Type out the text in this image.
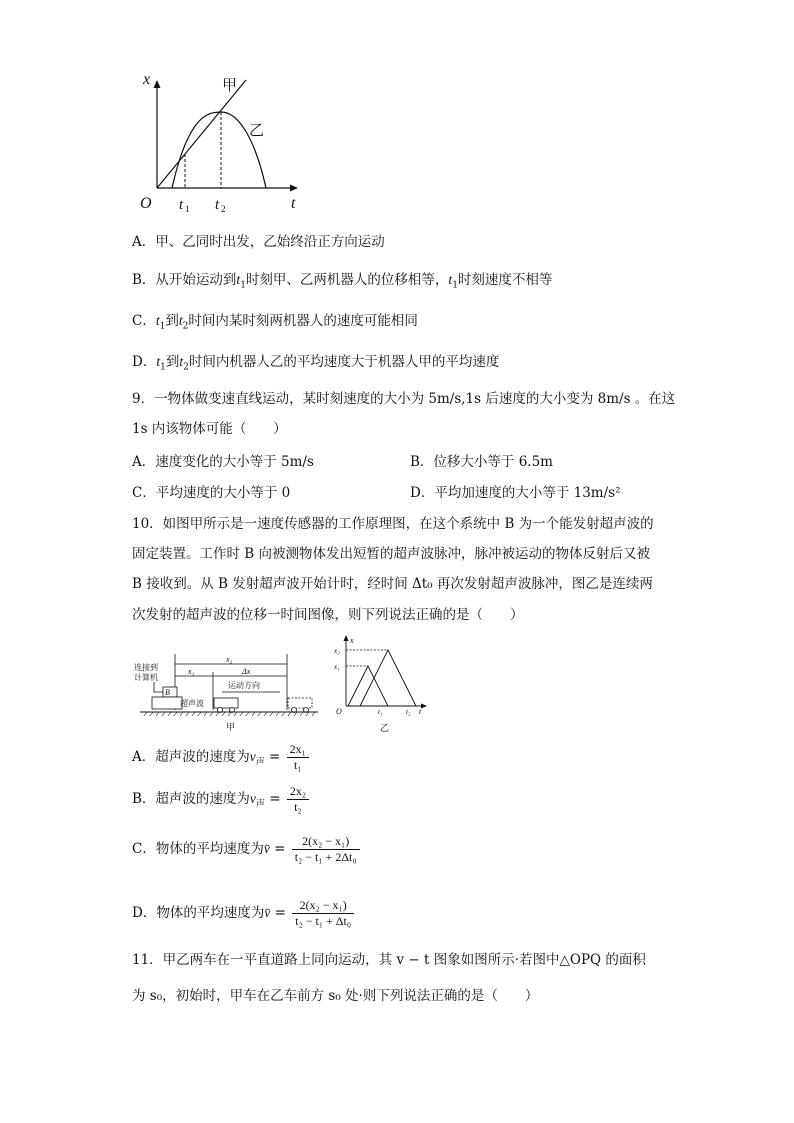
x
t
O t 1 t 2
甲
乙
A．甲、乙同时出发，乙始终沿正方向运动
B．从开始运动到$t_1$时刻甲、乙两机器人的位移相等，$t_1$时刻速度不相等
C．$t_1$到$t_2$时间内某时刻两机器人的速度可能相同
D．$t_1$到$t_2$时间内机器人乙的平均速度大于机器人甲的平均速度
9．一物体做变速直线运动，某时刻速度的大小为 5m/s,1s 后速度的大小变为 8m/s 。在这
1s 内该物体可能（　　）
A．速度变化的大小等于 5m/s	B．位移大小等于 6.5m
C．平均速度的大小等于 0	D．平均加速度的大小等于 13m/s²
10．如图甲所示是一速度传感器的工作原理图，在这个系统中 B 为一个能发射超声波的
固定装置。工作时 B 向被测物体发出短暂的超声波脉冲，脉冲被运动的物体反射后又被
B 接收到。从 B 发射超声波开始计时，经时间 Δt₀ 再次发射超声波脉冲，图乙是连续两
次发射的超声波的位移一时间图像，则下列说法正确的是（　　）
x₂
x₁	Δx
运动方向
连接到
计算机
B
超声波
甲
x
x₂
x₁
O	t₁	t₂ t
乙
A．超声波的速度为$v_声 = \frac{\text{2x₁}}{\text{t₁}}$
B．超声波的速度为$v_声 = \frac{\text{2x₂}}{\text{t₂}}$
C．物体的平均速度为v̄ = $\frac{\text{2(x₂ − x₁)}}{\text{t₂ − t₁ + 2Δt₀}}$
D．物体的平均速度为v̄ = $\frac{\text{2(x₂ − x₁)}}{\text{t₂ − t₁ + Δt₀}}$
11．甲乙两车在一平直道路上同向运动，其 v − t 图象如图所示·若图中△OPQ 的面积
为 s₀，初始时，甲车在乙车前方 s₀ 处·则下列说法正确的是（　　）
